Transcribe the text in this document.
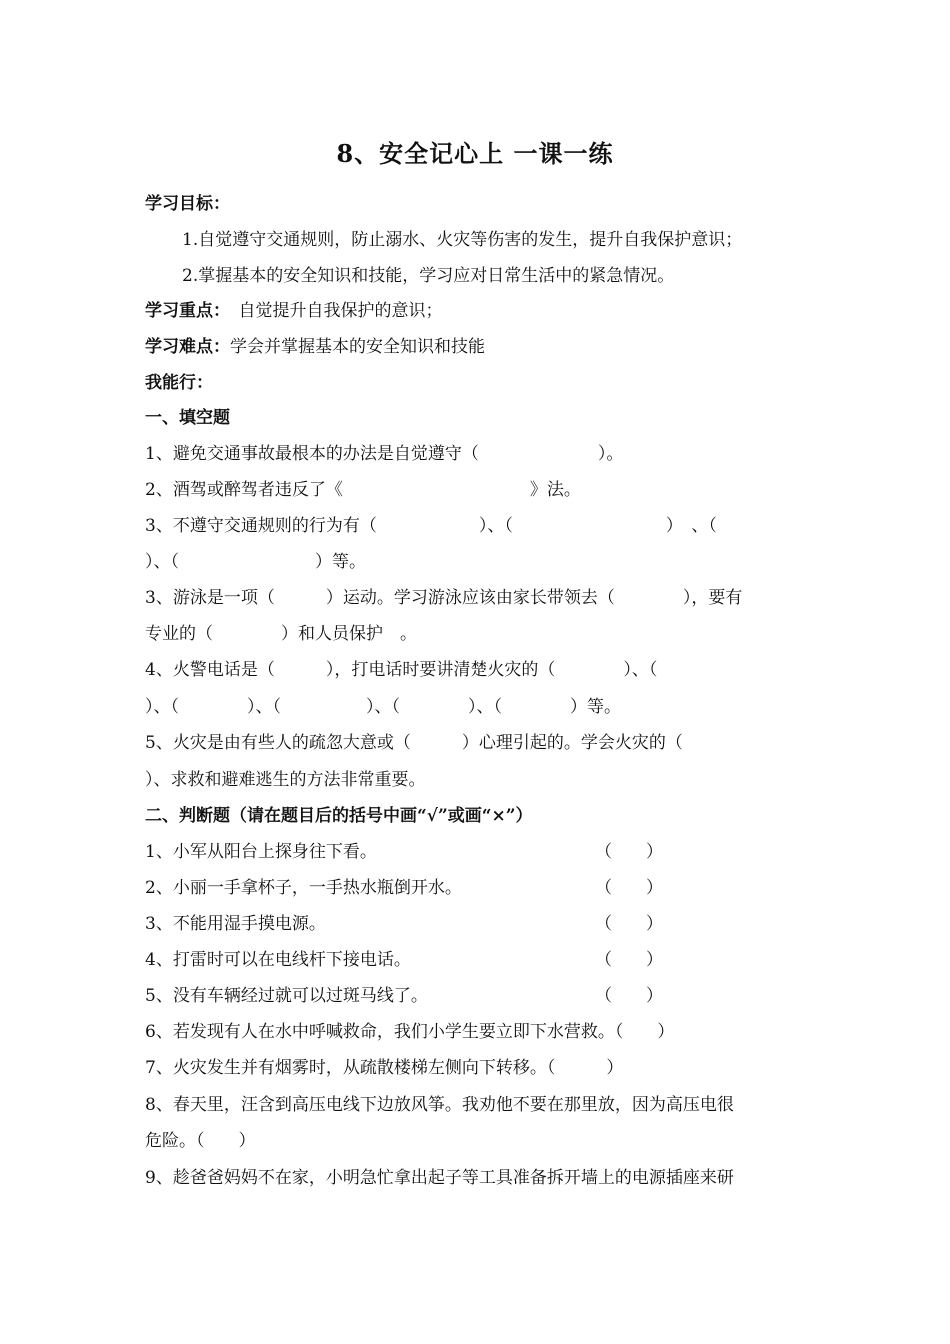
8、安全记心上 一课一练
学习目标：
1.自觉遵守交通规则，防止溺水、火灾等伤害的发生，提升自我保护意识；
2.掌握基本的安全知识和技能，学习应对日常生活中的紧急情况。
学习重点：　自觉提升自我保护的意识；
学习难点：学会并掌握基本的安全知识和技能
我能行：
一、填空题
1、避免交通事故最根本的办法是自觉遵守（　　　　　　　）。
2、酒驾或醉驾者违反了《　　　　　　　　　　　》法。
3、不遵守交通规则的行为有（　　　　　　）、（　　　　　　　　　）　、（
）、（　　　　　　　　）等。
3、游泳是一项（　　　）运动。学习游泳应该由家长带领去（　　　　），要有
专业的（　　　　）和人员保护　。
4、火警电话是（　　　），打电话时要讲清楚火灾的（　　　　）、（
）、（　　　　）、（　　　　　）、（　　　　）、（　　　　）等。
5、火灾是由有些人的疏忽大意或（　　　）心理引起的。学会火灾的（
）、求救和避难逃生的方法非常重要。
二、判断题（请在题目后的括号中画“√”或画“×”）
1、小军从阳台上探身往下看。	（　　）
2、小丽一手拿杯子，一手热水瓶倒开水。	（　　）
3、不能用湿手摸电源。	（　　）
4、打雷时可以在电线杆下接电话。	（　　）
5、没有车辆经过就可以过斑马线了。	（　　）
6、若发现有人在水中呼喊救命，我们小学生要立即下水营救。（　　）
7、火灾发生并有烟雾时，从疏散楼梯左侧向下转移。（　　　）
8、春天里，汪含到高压电线下边放风筝。我劝他不要在那里放，因为高压电很
危险。（　　）
9、趁爸爸妈妈不在家，小明急忙拿出起子等工具准备拆开墙上的电源插座来研
